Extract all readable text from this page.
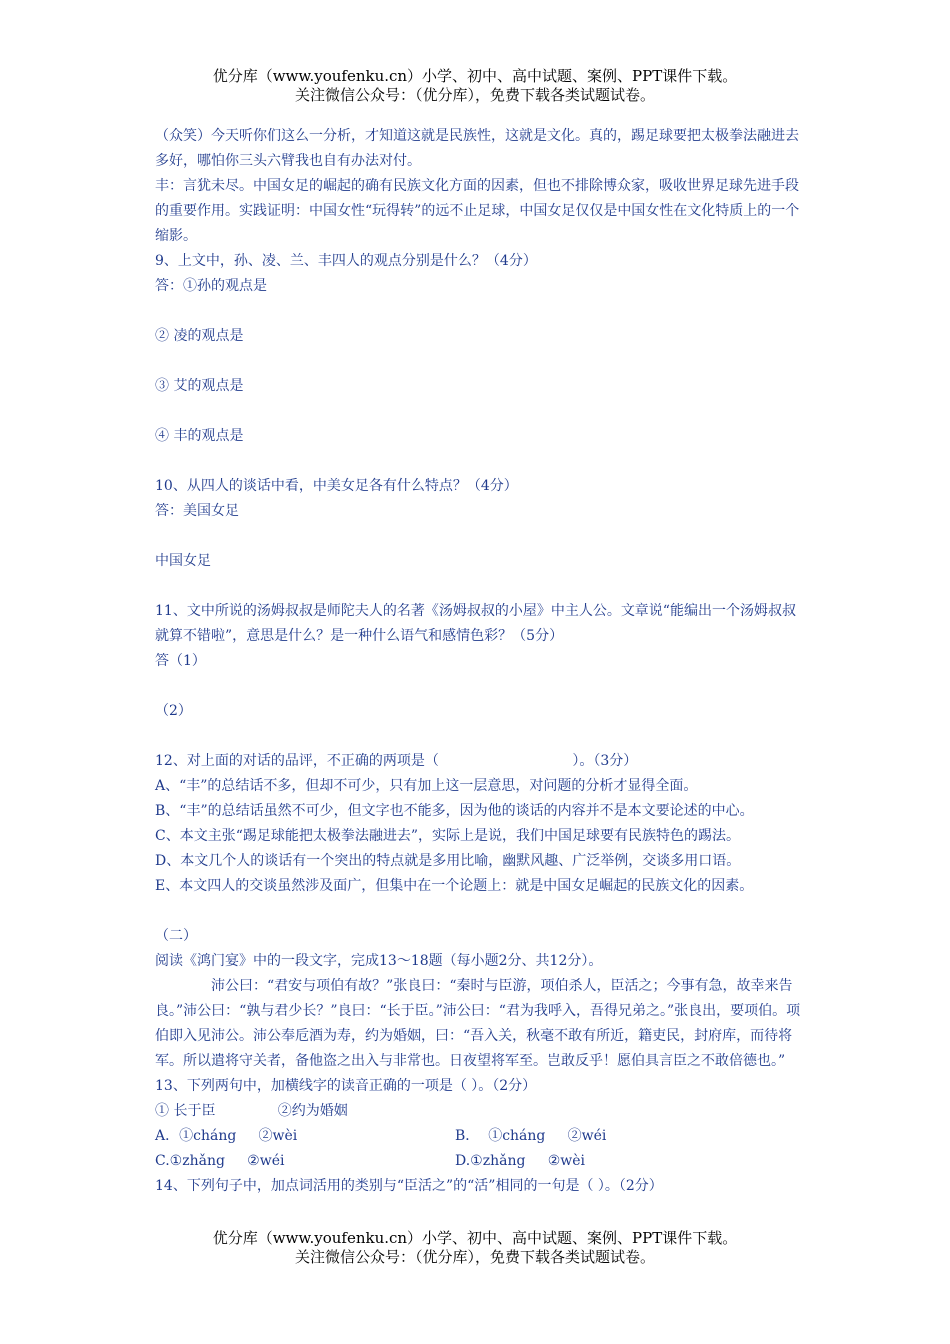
优分库（www.youfenku.cn）小学、初中、高中试题、案例、PPT课件下载。
关注微信公众号：（优分库），免费下载各类试题试卷。
（众笑）今天听你们这么一分析，才知道这就是民族性，这就是文化。真的，踢足球要把太极拳法融进去多好，哪怕你三头六臂我也自有办法对付。
丰：言犹未尽。中国女足的崛起的确有民族文化方面的因素，但也不排除博众家，吸收世界足球先进手段的重要作用。实践证明：中国女性“玩得转”的远不止足球，中国女足仅仅是中国女性在文化特质上的一个缩影。
9、上文中，孙、凌、兰、丰四人的观点分别是什么？（4分）
答：①孙的观点是
② 凌的观点是
③ 艾的观点是
④ 丰的观点是
10、从四人的谈话中看，中美女足各有什么特点？（4分）
答：美国女足
中国女足
11、文中所说的汤姆叔叔是师陀夫人的名著《汤姆叔叔的小屋》中主人公。文章说“能编出一个汤姆叔叔就算不错啦”，意思是什么？是一种什么语气和感情色彩？（5分）
答（1）
（2）
12、对上面的对话的品评，不正确的两项是（                              ）。（3分）
A、“丰”的总结话不多，但却不可少，只有加上这一层意思，对问题的分析才显得全面。
B、“丰”的总结话虽然不可少，但文字也不能多，因为他的谈话的内容并不是本文要论述的中心。
C、本文主张“踢足球能把太极拳法融进去”，实际上是说，我们中国足球要有民族特色的踢法。
D、本文几个人的谈话有一个突出的特点就是多用比喻，幽默风趣、广泛举例，交谈多用口语。
E、本文四人的交谈虽然涉及面广，但集中在一个论题上：就是中国女足崛起的民族文化的因素。
（二）
阅读《鸿门宴》中的一段文字，完成13～18题（每小题2分、共12分）。
沛公曰：“君安与项伯有故？”张良曰：“秦时与臣游，项伯杀人，臣活之；今事有急，故幸来告良。”沛公曰：“孰与君少长？”良曰：“长于臣。”沛公曰：“君为我呼入，吾得兄弟之。”张良出，要项伯。项伯即入见沛公。沛公奉卮酒为寿，约为婚姻，曰：“吾入关，秋毫不敢有所近，籍吏民，封府库，而待将军。所以遣将守关者，备他盗之出入与非常也。日夜望将军至。岂敢反乎！愿伯具言臣之不敢倍德也。”
13、下列两句中，加横线字的读音正确的一项是（ ）。（2分）
① 长于臣              ②约为婚姻
A．①cháng     ②wèi	B．  ①cháng     ②wéi
C.①zhǎng     ②wéi	D.①zhǎng     ②wèi
14、下列句子中，加点词活用的类别与“臣活之”的“活”相同的一句是（ ）。（2分）
优分库（www.youfenku.cn）小学、初中、高中试题、案例、PPT课件下载。
关注微信公众号：（优分库），免费下载各类试题试卷。
